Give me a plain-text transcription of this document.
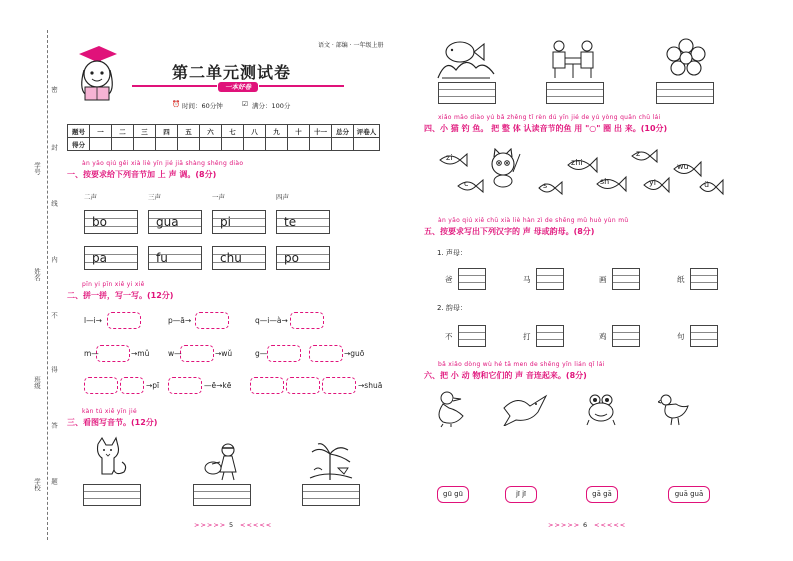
学号
姓名
班级
学校
密
封
线
内
不
得
答
题
语文 · 部编 · 一年级上册
第二单元测试卷
一本好卷
⏰ 时间：60分钟	☑ 满分：100分
题号	一	二	三	四	五	六	七	八	九	十	十一	总分	评卷人
得分													
àn yāo qiú gěi xià liè yīn jié jiā shàng shēng diào
一、按要求给下列音节加 上 声 调。(8分)
二声	三声	一声	四声
bo	gua	pi	te
pa	fu	chu	po
pīn yi pīn xiě yi xiě
二、拼一拼，写一写。(12分)
l—i→	p—ā→	q—i—à→
m—	→mǔ w—	→wǔ	g—	→guō
→pī	—ē→kē	→shuā
kàn tú xiě yīn jié
三、看图写音节。(12分)
>>>>> 5 <<<<<
xiǎo māo diào yú bǎ zhěng tǐ rèn dú yīn jié de yú yòng quān chū lái
四、小 猫 钓 鱼。 把 整 体 认读音节的鱼 用 "○" 圈 出 来。(10分)
zi
c
zhi
s	sh
z
yi
wu
ü
àn yāo qiú xiě chū xià liè hàn zì de shēng mǔ huò yùn mǔ
五、按要求写出下列汉字的 声 母或韵母。(8分)
1. 声母：
爸	马	画	纸
2. 韵母：
不	打	鸡	句
bǎ xiǎo dòng wù hé tā men de shēng yīn lián qǐ lái
六、把 小 动 物和它们的 声 音连起来。(8分)
gū gū	jī jī	gā gā	guā guā
>>>>> 6 <<<<<
